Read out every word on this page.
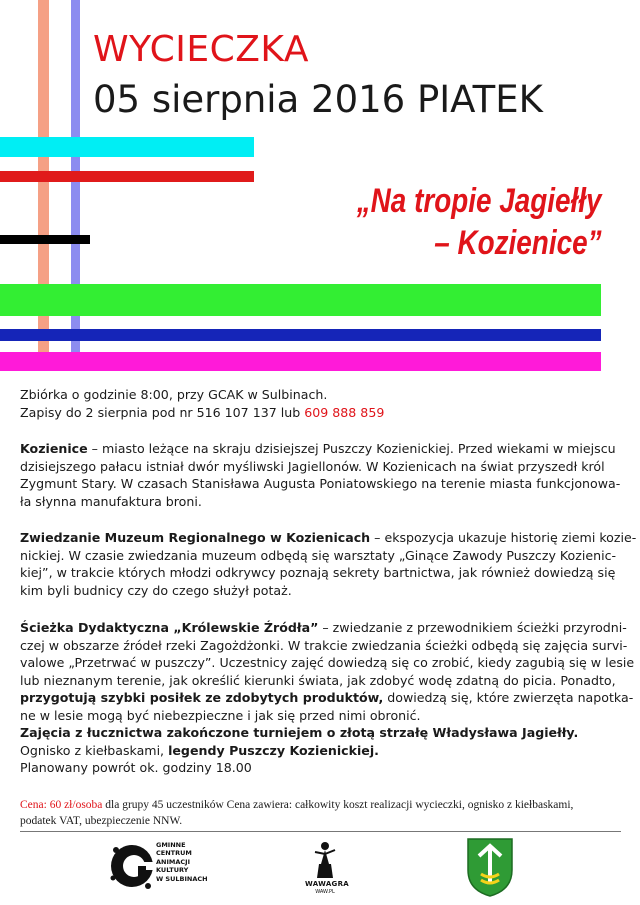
WYCIECZKA
05 sierpnia 2016 PIATEK
„Na tropie Jagiełły
– Kozienice”
Zbiórka o godzinie 8:00, przy GCAK w Sulbinach.
Zapisy do 2 sierpnia pod nr 516 107 137 lub 609 888 859
Kozienice – miasto leżące na skraju dzisiejszej Puszczy Kozienickiej. Przed wiekami w miejscu
dzisiejszego pałacu istniał dwór myśliwski Jagiellonów. W Kozienicach na świat przyszedł król
Zygmunt Stary. W czasach Stanisława Augusta Poniatowskiego na terenie miasta funkcjonowa-
ła słynna manufaktura broni.
Zwiedzanie Muzeum Regionalnego w Kozienicach – ekspozycja ukazuje historię ziemi kozie-
nickiej. W czasie zwiedzania muzeum odbędą się warsztaty „Ginące Zawody Puszczy Kozienic-
kiej”, w trakcie których młodzi odkrywcy poznają sekrety bartnictwa, jak również dowiedzą się
kim byli budnicy czy do czego służył potaż.
Ścieżka Dydaktyczna „Królewskie Źródła” – zwiedzanie z przewodnikiem ścieżki przyrodni-
czej w obszarze źródeł rzeki Zagożdżonki. W trakcie zwiedzania ścieżki odbędą się zajęcia survi-
valowe „Przetrwać w puszczy”. Uczestnicy zajęć dowiedzą się co zrobić, kiedy zagubią się w lesie
lub nieznanym terenie, jak określić kierunki świata, jak zdobyć wodę zdatną do picia. Ponadto,
przygotują szybki posiłek ze zdobytych produktów, dowiedzą się, które zwierzęta napotka-
ne w lesie mogą być niebezpieczne i jak się przed nimi obronić.
Zajęcia z łucznictwa zakończone turniejem o złotą strzałę Władysława Jagiełły.
Ognisko z kiełbaskami, legendy Puszczy Kozienickiej.
Planowany powrót ok. godziny 18.00
Cena: 60 zł/osoba dla grupy 45 uczestników Cena zawiera: całkowity koszt realizacji wycieczki, ognisko z kiełbaskami,
podatek VAT, ubezpieczenie NNW.
GMINNE
CENTRUM
ANIMACJI
KULTURY
W SULBINACH
WAWAGRA
WAW.PL
